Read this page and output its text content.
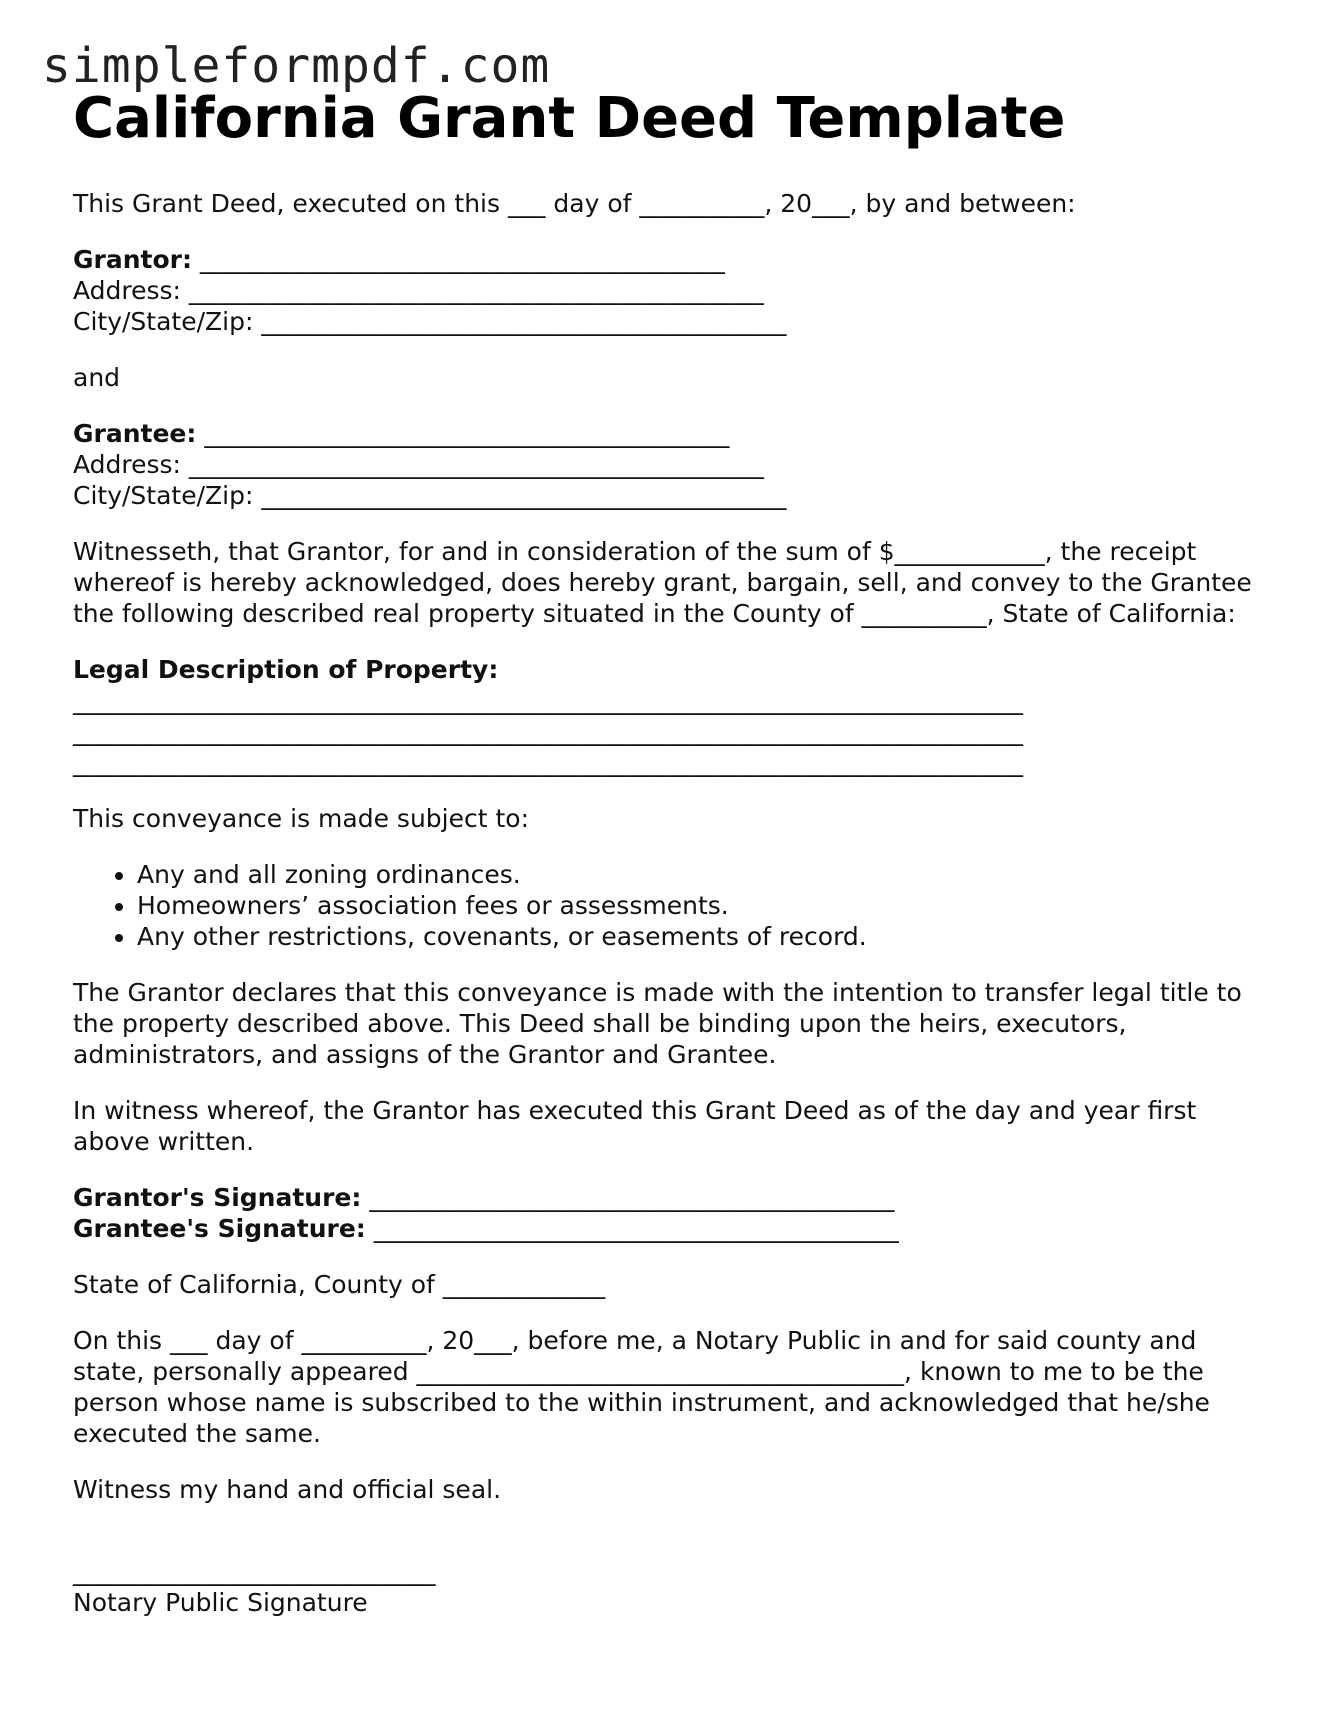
simpleformpdf.com
California Grant Deed Template

This Grant Deed, executed on this ___ day of __________, 20___, by and between:

Grantor: __________________________________________

Address: ______________________________________________

City/State/Zip: __________________________________________

and

Grantee: __________________________________________

Address: ______________________________________________

City/State/Zip: __________________________________________

Witnesseth, that Grantor, for and in consideration of the sum of $____________, the receipt whereof is hereby acknowledged, does hereby grant, bargain, sell, and convey to the Grantee the following described real property situated in the County of __________, State of California:

Legal Description of Property:

____________________________________________________________________________

____________________________________________________________________________

____________________________________________________________________________

This conveyance is made subject to:

• Any and all zoning ordinances.
• Homeowners’ association fees or assessments.
• Any other restrictions, covenants, or easements of record.

The Grantor declares that this conveyance is made with the intention to transfer legal title to the property described above. This Deed shall be binding upon the heirs, executors, administrators, and assigns of the Grantor and Grantee.

In witness whereof, the Grantor has executed this Grant Deed as of the day and year first above written.

Grantor's Signature: __________________________________________

Grantee's Signature: __________________________________________

State of California, County of _____________

On this ___ day of __________, 20___, before me, a Notary Public in and for said county and state, personally appeared _______________________________________, known to me to be the person whose name is subscribed to the within instrument, and acknowledged that he/she executed the same.

Witness my hand and official seal.

_____________________________

Notary Public Signature
